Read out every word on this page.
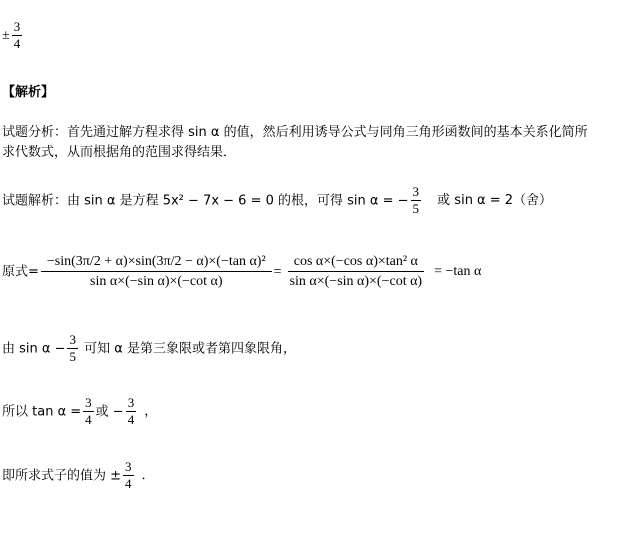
± $\frac{3}{4}$
【解析】
试题分析：首先通过解方程求得 sin α 的值，然后利用诱导公式与同角三角形函数间的基本关系化简所
求代数式，从而根据角的范围求得结果．
试题解析：由 sin α 是方程 5x² − 7x − 6 = 0 的根，可得 sin α = − $\frac{3}{5}$ 或 sin α = 2（舍）
原式= $\frac{\text{−sin(3π/2 + α)×sin(3π/2 − α)×(−tan α)²}}{\text{sin α×(−sin α)×(−cot α)}} = \frac{\text{cos α×(−cos α)×tan² α}}{\text{sin α×(−sin α)×(−cot α)}} = -\tan$ α
由 $\sin \alpha - \frac{3}{5}$ 可知 α 是第三象限或者第四象限角，
所以 $\tan \alpha = \frac{3}{4}$ 或 − $\frac{3}{4}$ ，
即所求式子的值为 ± $\frac{3}{4}$ ．
